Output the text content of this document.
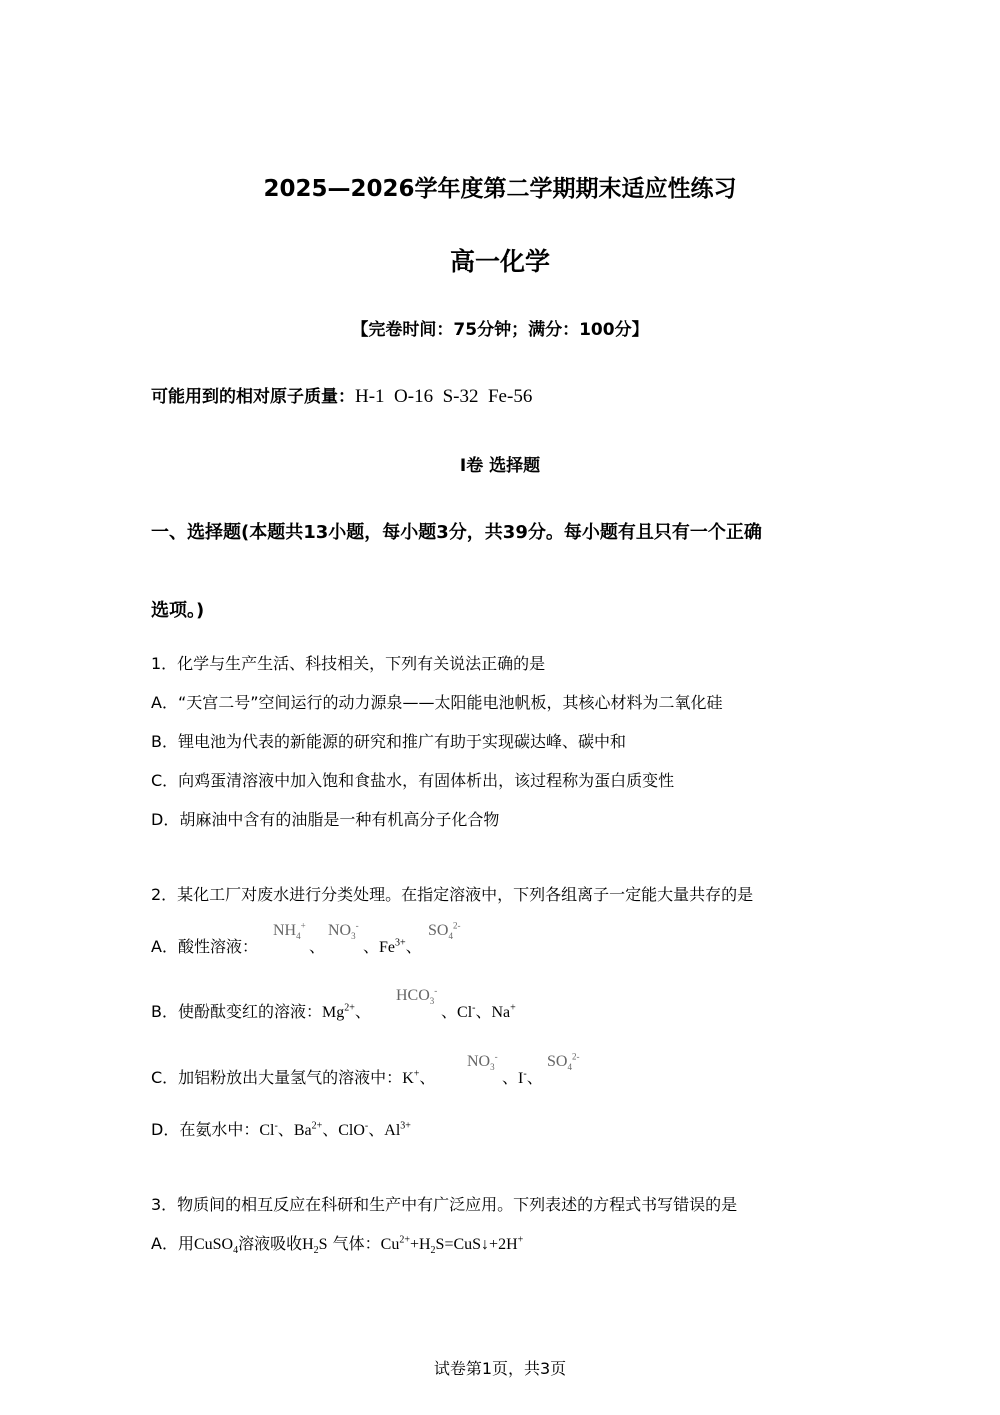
2025—2026学年度第二学期期末适应性练习
高一化学
【完卷时间：75分钟；满分：100分】
可能用到的相对原子质量：H-1  O-16  S-32  Fe-56
Ⅰ卷 选择题
一、选择题(本题共13小题，每小题3分，共39分。每小题有且只有一个正确
选项。)
1．化学与生产生活、科技相关，下列有关说法正确的是
A．“天宫二号”空间运行的动力源泉——太阳能电池帆板，其核心材料为二氧化硅
B．锂电池为代表的新能源的研究和推广有助于实现碳达峰、碳中和
C．向鸡蛋清溶液中加入饱和食盐水，有固体析出，该过程称为蛋白质变性
D．胡麻油中含有的油脂是一种有机高分子化合物
2．某化工厂对废水进行分类处理。在指定溶液中，下列各组离子一定能大量共存的是
A．酸性溶液：
$NH_4^+$
、
$NO_3^-$
、$Fe^{3+}$、
$SO_4^{2-}$
B．使酚酞变红的溶液：$Mg^{2+}$、
$HCO_3^-$
、Cl-、Na+
C．加铝粉放出大量氢气的溶液中：K+、
$NO_3^-$
、I-、
$SO_4^{2-}$
D．在氨水中：Cl-、$Ba^{2+}$、ClO-、$Al^{3+}$
3．物质间的相互反应在科研和生产中有广泛应用。下列表述的方程式书写错误的是
A．用CuSO$_4$溶液吸收$H_2S$ 气体：$Cu^{2+}+H_2S=CuS↓+2H^+$
试卷第1页，共3页
